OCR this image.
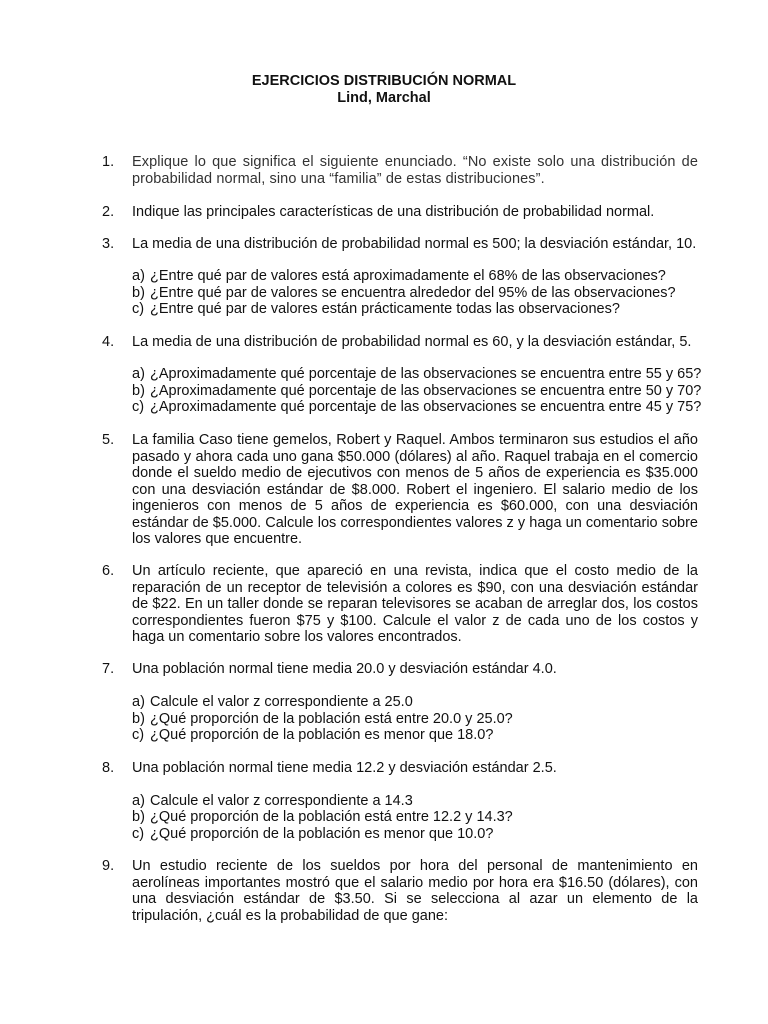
EJERCICIOS DISTRIBUCIÓN NORMAL
Lind, Marchal
1. Explique lo que significa el siguiente enunciado. “No existe solo una distribución de probabilidad normal, sino una “familia” de estas distribuciones”.
2. Indique las principales características de una distribución de probabilidad normal.
3. La media de una distribución de probabilidad normal es 500; la desviación estándar, 10.
a) ¿Entre qué par de valores está aproximadamente el 68% de las observaciones?
b) ¿Entre qué par de valores se encuentra alrededor del 95% de las observaciones?
c) ¿Entre qué par de valores están prácticamente todas las observaciones?
4. La media de una distribución de probabilidad normal es 60, y la desviación estándar, 5.
a) ¿Aproximadamente qué porcentaje de las observaciones se encuentra entre 55 y 65?
b) ¿Aproximadamente qué porcentaje de las observaciones se encuentra entre 50 y 70?
c) ¿Aproximadamente qué porcentaje de las observaciones se encuentra entre 45 y 75?
5. La familia Caso tiene gemelos, Robert y Raquel. Ambos terminaron sus estudios el año pasado y ahora cada uno gana $50.000 (dólares) al año. Raquel trabaja en el comercio donde el sueldo medio de ejecutivos con menos de 5 años de experiencia es $35.000 con una desviación estándar de $8.000. Robert el ingeniero. El salario medio de los ingenieros con menos de 5 años de experiencia es $60.000, con una desviación estándar de $5.000. Calcule los correspondientes valores z y haga un comentario sobre los valores que encuentre.
6. Un artículo reciente, que apareció en una revista, indica que el costo medio de la reparación de un receptor de televisión a colores es $90, con una desviación estándar de $22. En un taller donde se reparan televisores se acaban de arreglar dos, los costos correspondientes fueron $75 y $100. Calcule el valor z de cada uno de los costos y haga un comentario sobre los valores encontrados.
7. Una población normal tiene media 20.0 y desviación estándar 4.0.
a) Calcule el valor z correspondiente a 25.0
b) ¿Qué proporción de la población está entre 20.0 y 25.0?
c) ¿Qué proporción de la población es menor que 18.0?
8. Una población normal tiene media 12.2 y desviación estándar 2.5.
a) Calcule el valor z correspondiente a 14.3
b) ¿Qué proporción de la población está entre 12.2 y 14.3?
c) ¿Qué proporción de la población es menor que 10.0?
9. Un estudio reciente de los sueldos por hora del personal de mantenimiento en aerolíneas importantes mostró que el salario medio por hora era $16.50 (dólares), con una desviación estándar de $3.50. Si se selecciona al azar un elemento de la tripulación, ¿cuál es la probabilidad de que gane:
